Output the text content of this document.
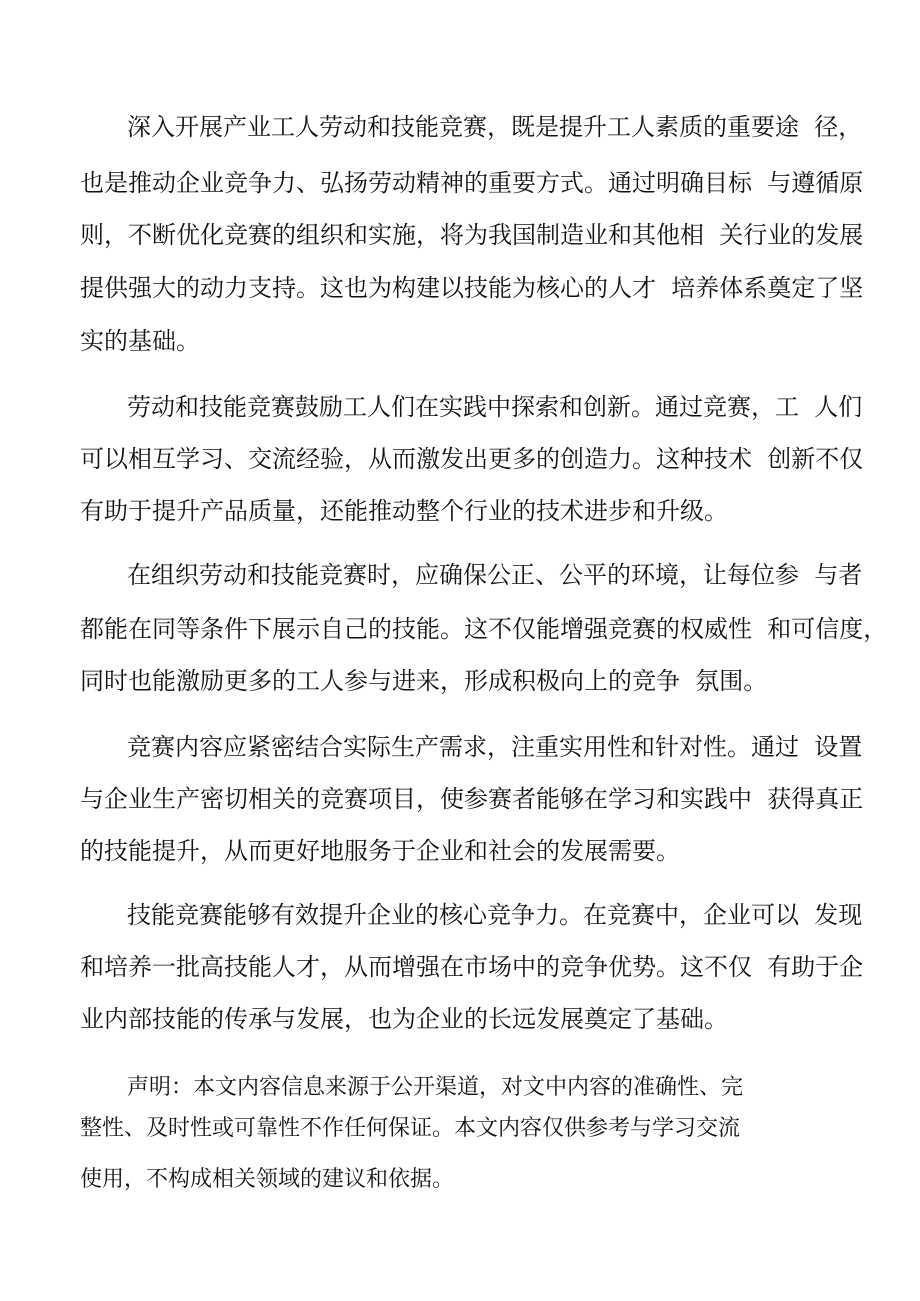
深入开展产业工人劳动和技能竞赛，既是提升工人素质的重要途  径，
也是推动企业竞争力、弘扬劳动精神的重要方式。通过明确目标  与遵循原
则，不断优化竞赛的组织和实施，将为我国制造业和其他相  关行业的发展
提供强大的动力支持。这也为构建以技能为核心的人才  培养体系奠定了坚
实的基础。
劳动和技能竞赛鼓励工人们在实践中探索和创新。通过竞赛，工  人们
可以相互学习、交流经验，从而激发出更多的创造力。这种技术  创新不仅
有助于提升产品质量，还能推动整个行业的技术进步和升级。
在组织劳动和技能竞赛时，应确保公正、公平的环境，让每位参  与者
都能在同等条件下展示自己的技能。这不仅能增强竞赛的权威性  和可信度，
同时也能激励更多的工人参与进来，形成积极向上的竞争  氛围。
竞赛内容应紧密结合实际生产需求，注重实用性和针对性。通过  设置
与企业生产密切相关的竞赛项目，使参赛者能够在学习和实践中  获得真正
的技能提升，从而更好地服务于企业和社会的发展需要。
技能竞赛能够有效提升企业的核心竞争力。在竞赛中，企业可以  发现
和培养一批高技能人才，从而增强在市场中的竞争优势。这不仅  有助于企
业内部技能的传承与发展，也为企业的长远发展奠定了基础。
声明：本文内容信息来源于公开渠道，对文中内容的准确性、完
整性、及时性或可靠性不作任何保证。本文内容仅供参考与学习交流
使用，不构成相关领域的建议和依据。
